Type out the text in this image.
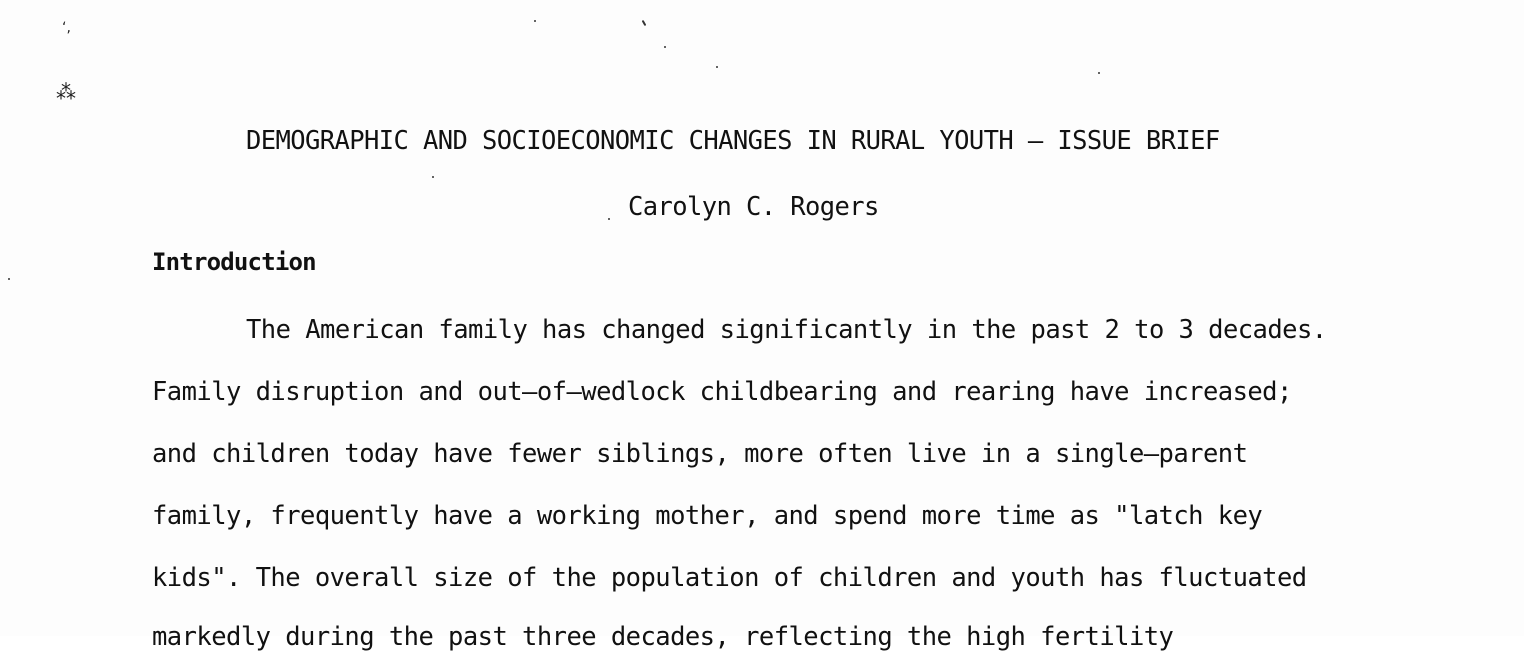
‘,
⁂
DEMOGRAPHIC AND SOCIOECONOMIC CHANGES IN RURAL YOUTH – ISSUE BRIEF

Carolyn C. Rogers

Introduction

The American family has changed significantly in the past 2 to 3 decades.

Family disruption and out–of–wedlock childbearing and rearing have increased;

and children today have fewer siblings, more often live in a single–parent

family, frequently have a working mother, and spend more time as "latch key

kids". The overall size of the population of children and youth has fluctuated

markedly during the past three decades, reflecting the high fertility
